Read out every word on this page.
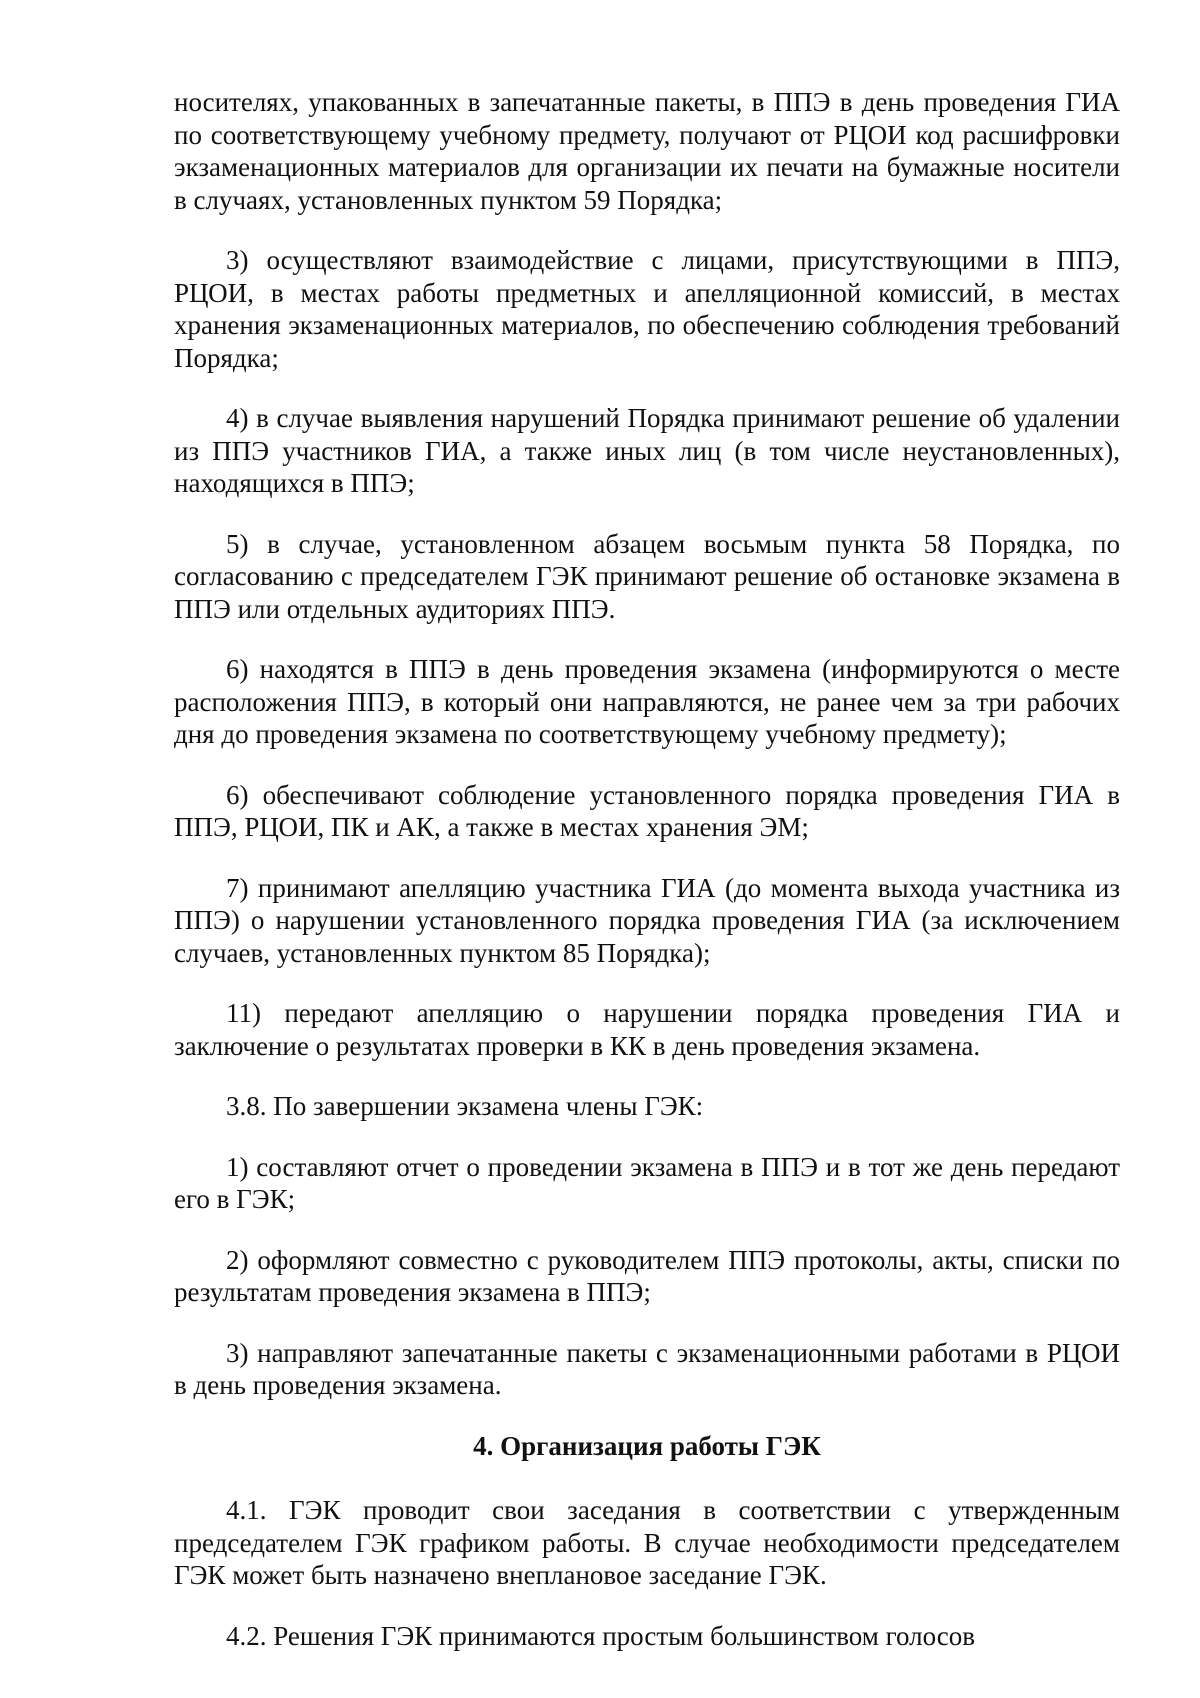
носителях, упакованных в запечатанные пакеты, в ППЭ в день проведения ГИА по соответствующему учебному предмету, получают от РЦОИ код расшифровки экзаменационных материалов для организации их печати на бумажные носители в случаях, установленных пунктом 59 Порядка;

3) осуществляют взаимодействие с лицами, присутствующими в ППЭ, РЦОИ, в местах работы предметных и апелляционной комиссий, в местах хранения экзаменационных материалов, по обеспечению соблюдения требований Порядка;

4) в случае выявления нарушений Порядка принимают решение об удалении из ППЭ участников ГИА, а также иных лиц (в том числе неустановленных), находящихся в ППЭ;

5) в случае, установленном абзацем восьмым пункта 58 Порядка, по согласованию с председателем ГЭК принимают решение об остановке экзамена в ППЭ или отдельных аудиториях ППЭ.

6) находятся в ППЭ в день проведения экзамена (информируются о месте расположения ППЭ, в который они направляются, не ранее чем за три рабочих дня до проведения экзамена по соответствующему учебному предмету);

6) обеспечивают соблюдение установленного порядка проведения ГИА в ППЭ, РЦОИ, ПК и АК, а также в местах хранения ЭМ;

7) принимают апелляцию участника ГИА (до момента выхода участника из ППЭ) о нарушении установленного порядка проведения ГИА (за исключением случаев, установленных пунктом 85 Порядка);

11) передают апелляцию о нарушении порядка проведения ГИА и заключение о результатах проверки в КК в день проведения экзамена.

3.8. По завершении экзамена члены ГЭК:

1) составляют отчет о проведении экзамена в ППЭ и в тот же день передают его в ГЭК;

2) оформляют совместно с руководителем ППЭ протоколы, акты, списки по результатам проведения экзамена в ППЭ;

3) направляют запечатанные пакеты с экзаменационными работами в РЦОИ в день проведения экзамена.

4. Организация работы ГЭК

4.1. ГЭК проводит свои заседания в соответствии с утвержденным председателем ГЭК графиком работы. В случае необходимости председателем ГЭК может быть назначено внеплановое заседание ГЭК.

4.2. Решения ГЭК принимаются простым большинством голосов
